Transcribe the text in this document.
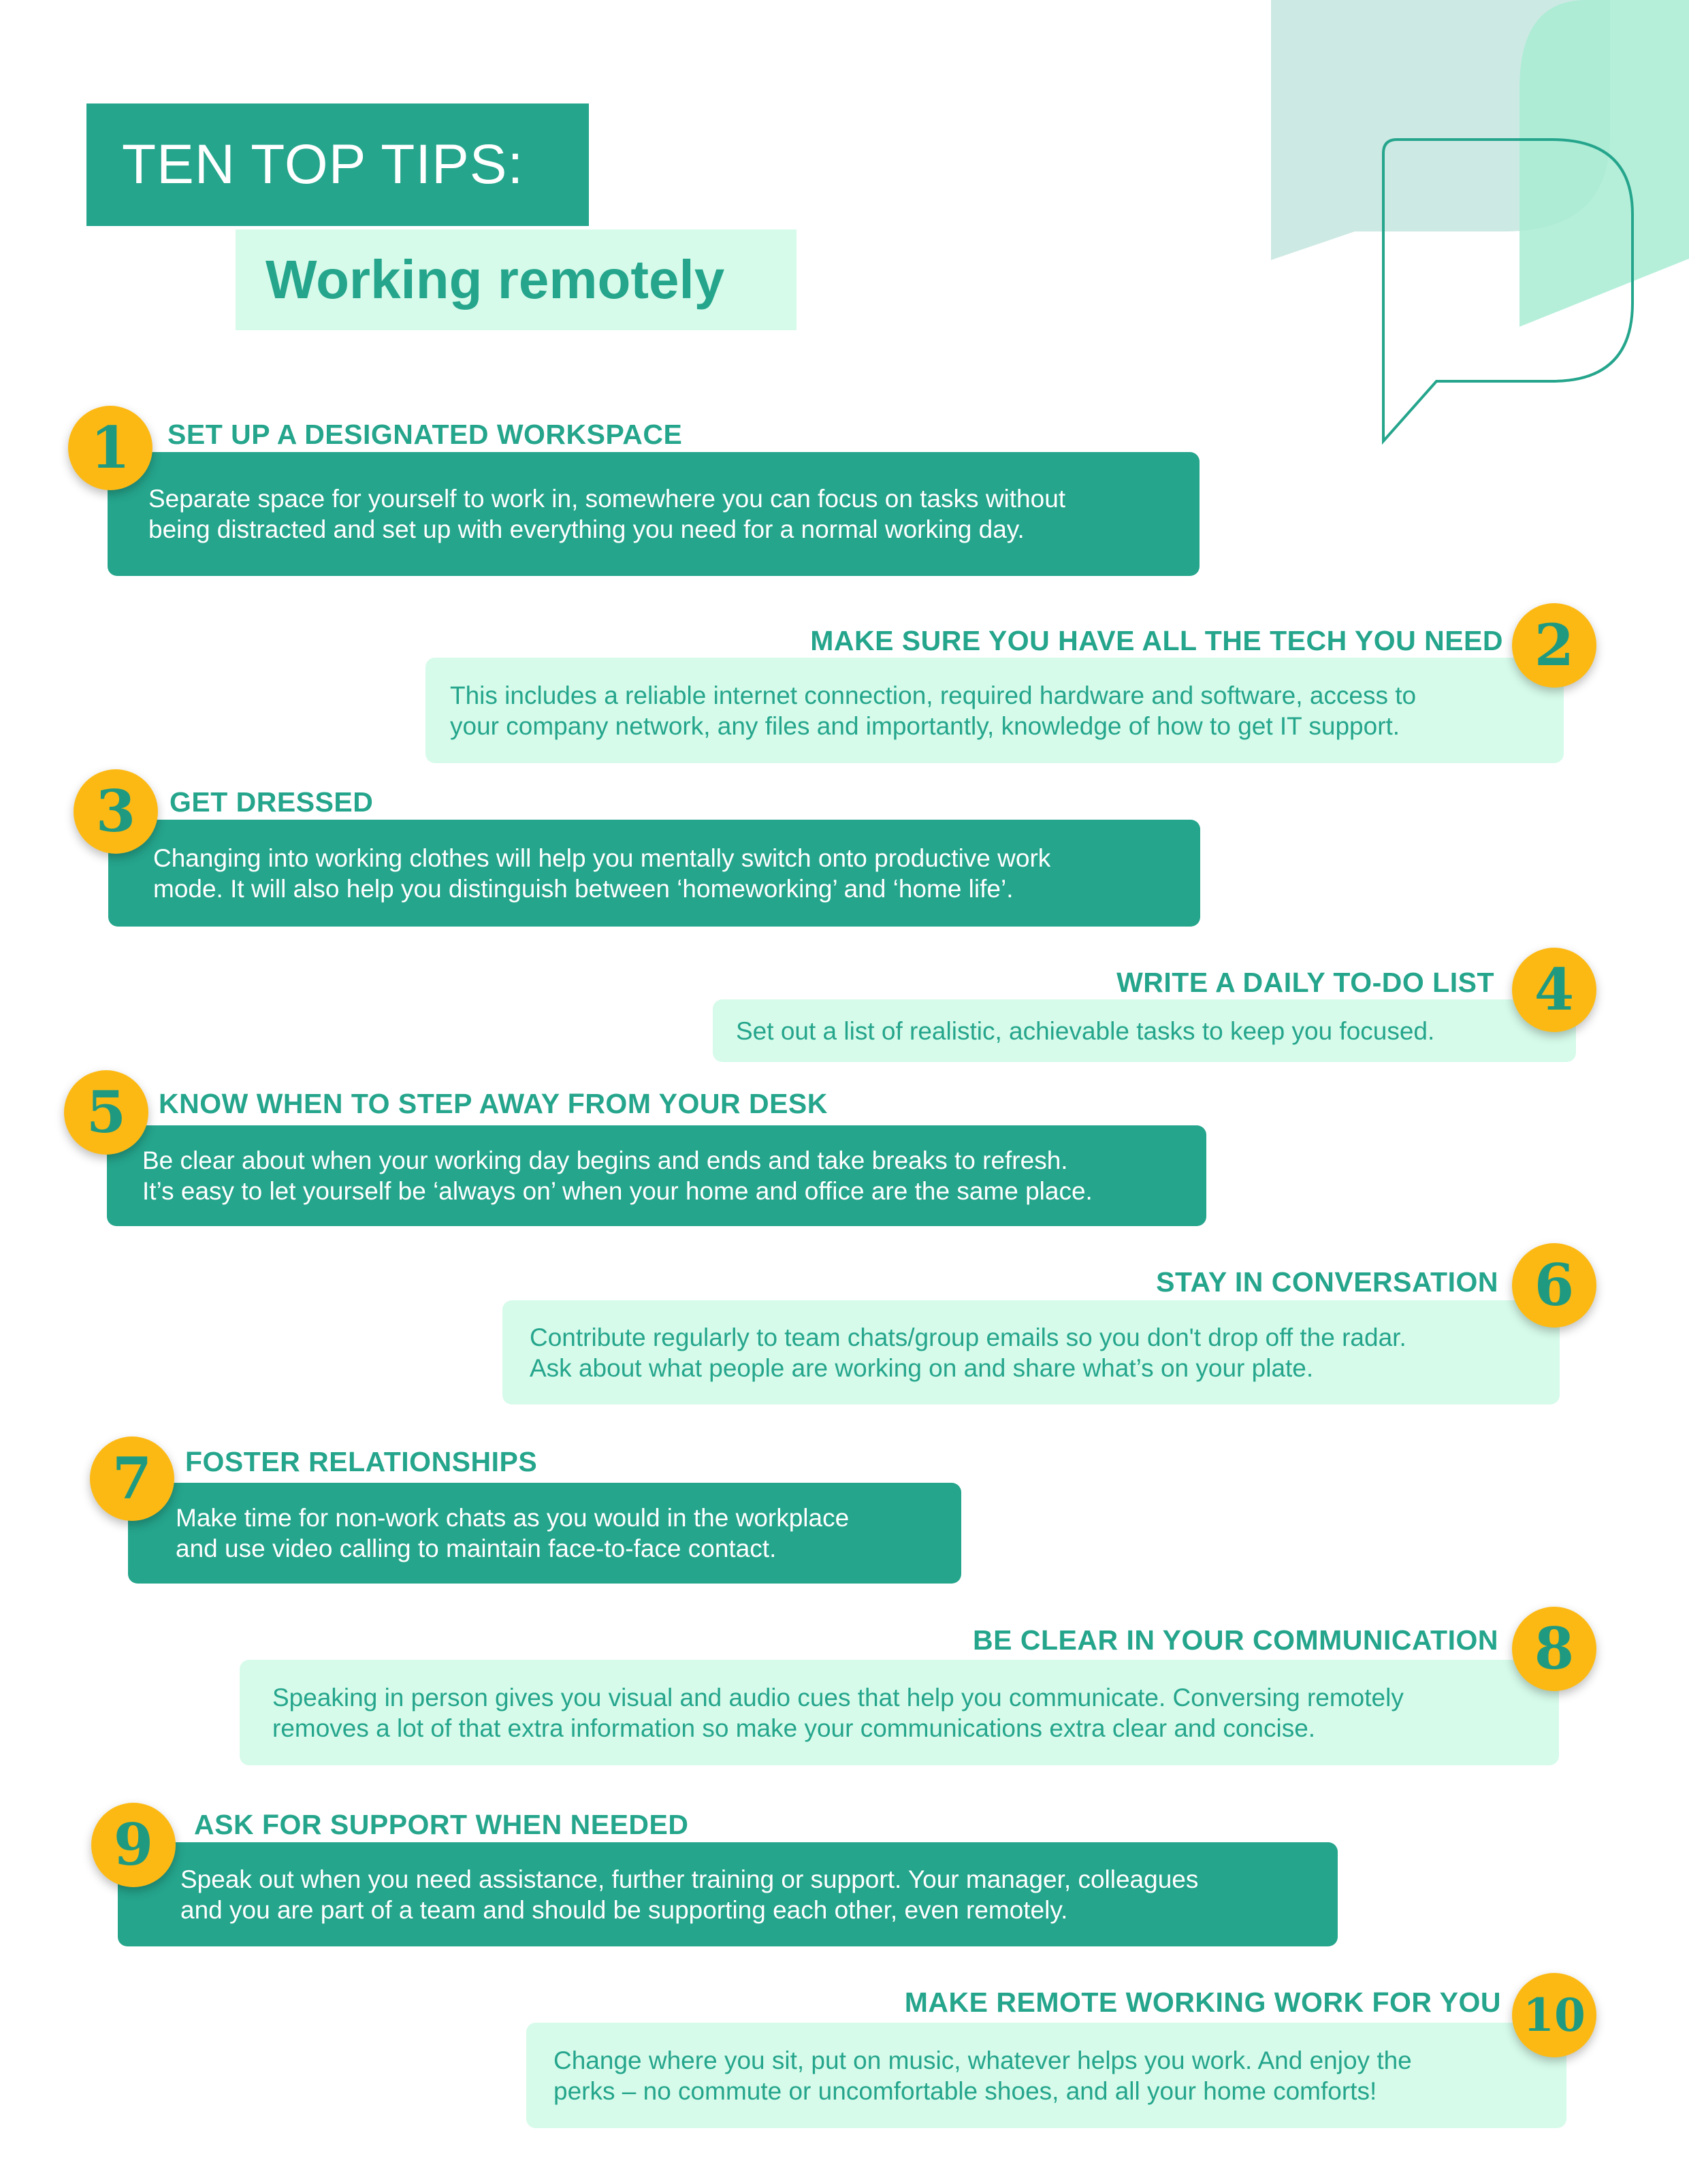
TEN TOP TIPS:
Working remotely
SET UP A DESIGNATED WORKSPACE
Separate space for yourself to work in, somewhere you can focus on tasks without
being distracted and set up with everything you need for a normal working day.
1
MAKE SURE YOU HAVE ALL THE TECH YOU NEED
This includes a reliable internet connection, required hardware and software, access to
your company network, any files and importantly, knowledge of how to get IT support.
2
GET DRESSED
Changing into working clothes will help you mentally switch onto productive work
mode. It will also help you distinguish between ‘homeworking’ and ‘home life’.
3
WRITE A DAILY TO-DO LIST
Set out a list of realistic, achievable tasks to keep you focused.
4
KNOW WHEN TO STEP AWAY FROM YOUR DESK
Be clear about when your working day begins and ends and take breaks to refresh.
It’s easy to let yourself be ‘always on’ when your home and office are the same place.
5
STAY IN CONVERSATION
Contribute regularly to team chats/group emails so you don't drop off the radar.
Ask about what people are working on and share what’s on your plate.
6
FOSTER RELATIONSHIPS
Make time for non-work chats as you would in the workplace
and use video calling to maintain face-to-face contact.
7
BE CLEAR IN YOUR COMMUNICATION
Speaking in person gives you visual and audio cues that help you communicate. Conversing remotely
removes a lot of that extra information so make your communications extra clear and concise.
8
ASK FOR SUPPORT WHEN NEEDED
Speak out when you need assistance, further training or support. Your manager, colleagues
and you are part of a team and should be supporting each other, even remotely.
9
MAKE REMOTE WORKING WORK FOR YOU
Change where you sit, put on music, whatever helps you work. And enjoy the
perks – no commute or uncomfortable shoes, and all your home comforts!
10
